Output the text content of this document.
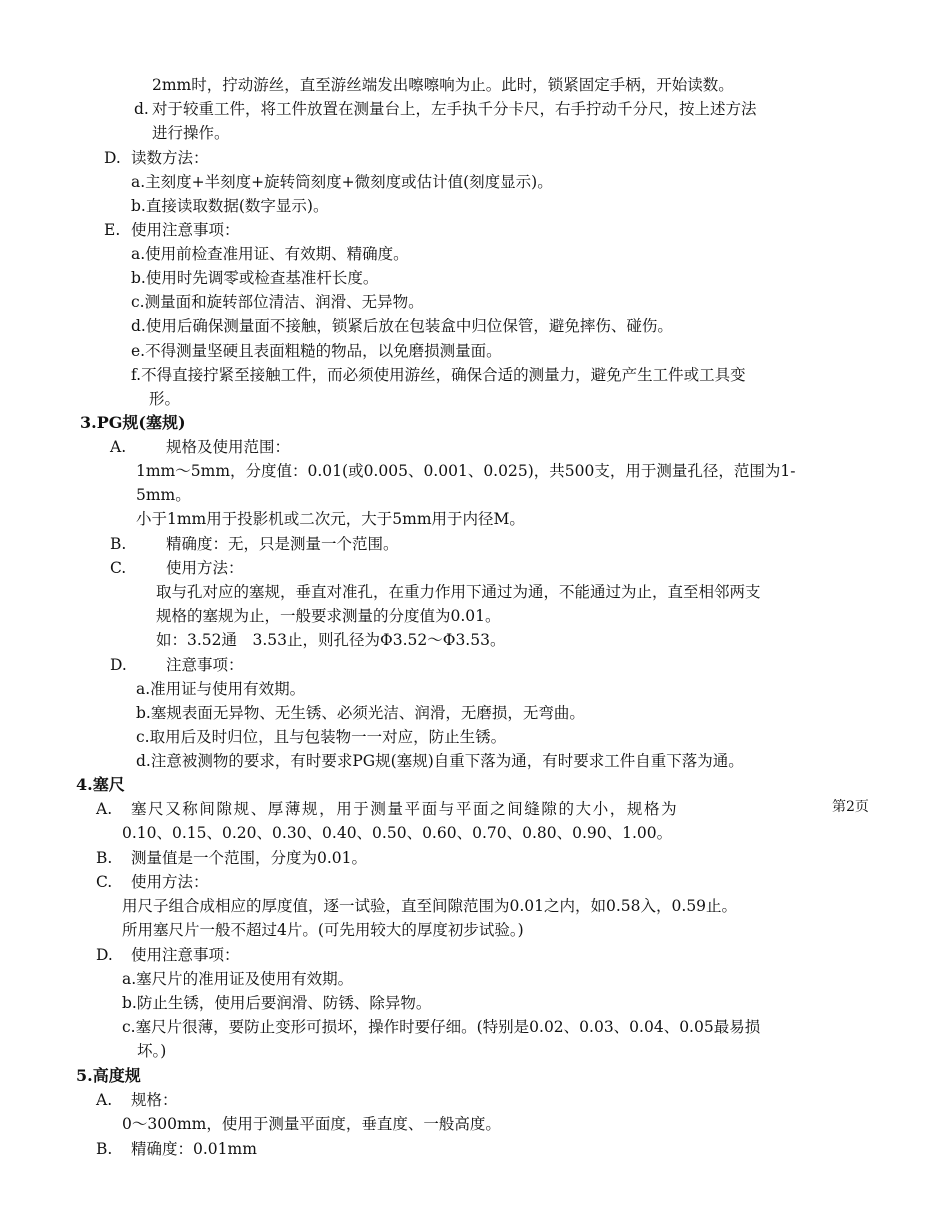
2mm时，拧动游丝，直至游丝端发出嚓嚓响为止。此时，锁紧固定手柄，开始读数。
d. 对于较重工件，将工件放置在测量台上，左手执千分卡尺，右手拧动千分尺，按上述方法
进行操作。
D. 读数方法：
a.主刻度+半刻度+旋转筒刻度+微刻度或估计值(刻度显示)。
b.直接读取数据(数字显示)。
E. 使用注意事项：
a.使用前检查准用证、有效期、精确度。
b.使用时先调零或检查基准杆长度。
c.测量面和旋转部位清洁、润滑、无异物。
d.使用后确保测量面不接触，锁紧后放在包装盒中归位保管，避免摔伤、碰伤。
e.不得测量坚硬且表面粗糙的物品，以免磨损测量面。
f.不得直接拧紧至接触工件，而必须使用游丝，确保合适的测量力，避免产生工件或工具变
形。
3.PG规(塞规)
A.	规格及使用范围：
1mm～5mm，分度值：0.01(或0.005、0.001、0.025)，共500支，用于测量孔径，范围为1-
5mm。
小于1mm用于投影机或二次元，大于5mm用于内径M。
B.	精确度：无，只是测量一个范围。
C.	使用方法：
取与孔对应的塞规，垂直对准孔，在重力作用下通过为通，不能通过为止，直至相邻两支
规格的塞规为止，一般要求测量的分度值为0.01。
如：3.52通　3.53止，则孔径为Φ3.52～Φ3.53。
D.	注意事项：
a.准用证与使用有效期。
b.塞规表面无异物、无生锈、必须光洁、润滑，无磨损，无弯曲。
c.取用后及时归位，且与包装物一一对应，防止生锈。
d.注意被测物的要求，有时要求PG规(塞规)自重下落为通，有时要求工件自重下落为通。
4.塞尺
A. 塞尺又称间隙规、厚薄规，用于测量平面与平面之间缝隙的大小，规格为	第2页
0.10、0.15、0.20、0.30、0.40、0.50、0.60、0.70、0.80、0.90、1.00。
B. 测量值是一个范围，分度为0.01。
C. 使用方法：
用尺子组合成相应的厚度值，逐一试验，直至间隙范围为0.01之内，如0.58入，0.59止。
所用塞尺片一般不超过4片。(可先用较大的厚度初步试验。)
D. 使用注意事项：
a.塞尺片的准用证及使用有效期。
b.防止生锈，使用后要润滑、防锈、除异物。
c.塞尺片很薄，要防止变形可损坏，操作时要仔细。(特别是0.02、0.03、0.04、0.05最易损
坏。)
5.高度规
A. 规格：
0～300mm，使用于测量平面度，垂直度、一般高度。
B. 精确度：0.01mm
